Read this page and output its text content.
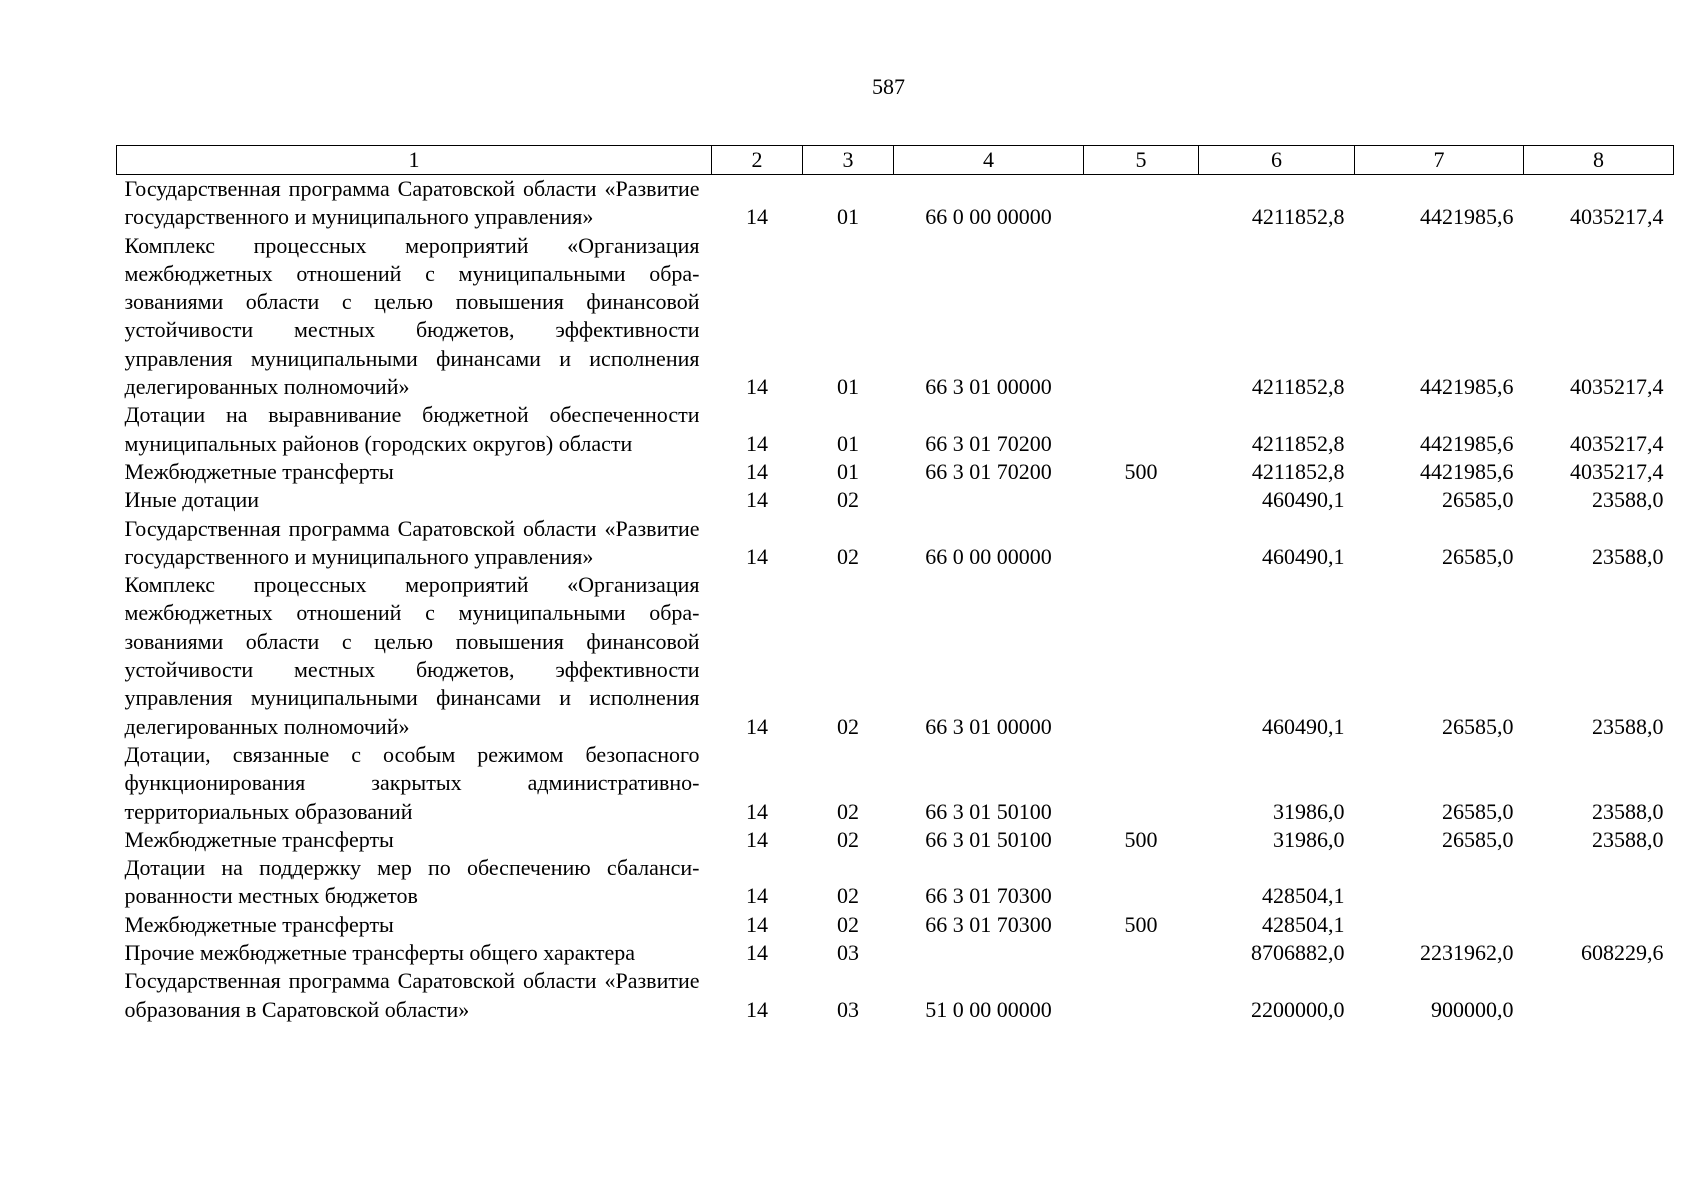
587
1	2	3	4	5	6	7	8
Государственная программа Саратовской области «Развитие государственного и муниципального управления»	14	01	66 0 00 00000		4211852,8	4421985,6	4035217,4
Комплекс процессных мероприятий «Организация межбюджетных отношений с муниципальными образованиями области с целью повышения финансовой устойчивости местных бюджетов, эффективности управления муниципальными финансами и исполнения делегированных полномочий»	14	01	66 3 01 00000		4211852,8	4421985,6	4035217,4
Дотации на выравнивание бюджетной обеспеченности муниципальных районов (городских округов) области	14	01	66 3 01 70200		4211852,8	4421985,6	4035217,4
Межбюджетные трансферты	14	01	66 3 01 70200	500	4211852,8	4421985,6	4035217,4
Иные дотации	14	02			460490,1	26585,0	23588,0
Государственная программа Саратовской области «Развитие государственного и муниципального управления»	14	02	66 0 00 00000		460490,1	26585,0	23588,0
Комплекс процессных мероприятий «Организация межбюджетных отношений с муниципальными образованиями области с целью повышения финансовой устойчивости местных бюджетов, эффективности управления муниципальными финансами и исполнения делегированных полномочий»	14	02	66 3 01 00000		460490,1	26585,0	23588,0
Дотации, связанные с особым режимом безопасного функционирования закрытых административно-территориальных образований	14	02	66 3 01 50100		31986,0	26585,0	23588,0
Межбюджетные трансферты	14	02	66 3 01 50100	500	31986,0	26585,0	23588,0
Дотации на поддержку мер по обеспечению сбалансированности местных бюджетов	14	02	66 3 01 70300		428504,1		
Межбюджетные трансферты	14	02	66 3 01 70300	500	428504,1		
Прочие межбюджетные трансферты общего характера	14	03			8706882,0	2231962,0	608229,6
Государственная программа Саратовской области «Развитие образования в Саратовской области»	14	03	51 0 00 00000		2200000,0	900000,0	
